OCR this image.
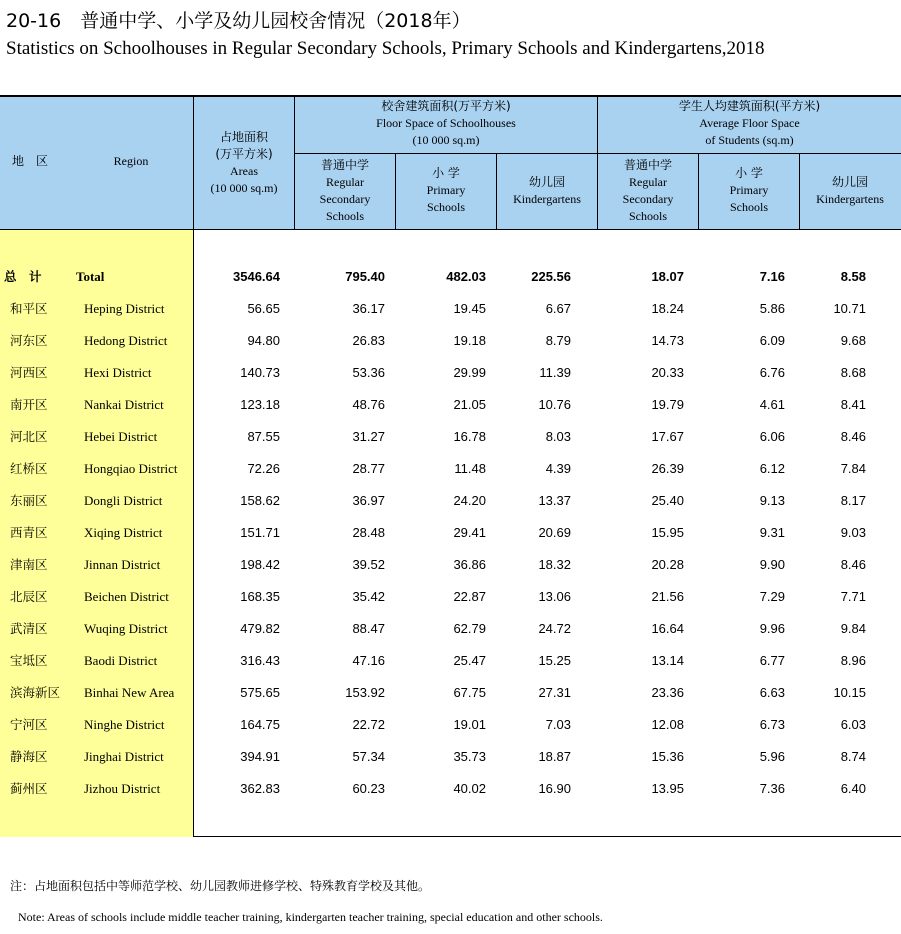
20-16　普通中学、小学及幼儿园校舍情况（2018年）
Statistics on Schoolhouses in Regular Secondary Schools, Primary Schools and Kindergartens,2018
地　区	Region
占地面积
(万平方米)
Areas
(10 000 sq.m)
校舍建筑面积(万平方米)
Floor Space of Schoolhouses
(10 000 sq.m)
学生人均建筑面积(平方米)
Average Floor Space
of Students (sq.m)
普通中学
Regular
Secondary
Schools
小 学
Primary
Schools
幼儿园
Kindergartens
普通中学
Regular
Secondary
Schools
小 学
Primary
Schools
幼儿园
Kindergartens
总　计	Total	3546.64	795.40	482.03	225.56	18.07	7.16	8.58
和平区	Heping District	56.65	36.17	19.45	6.67	18.24	5.86	10.71
河东区	Hedong District	94.80	26.83	19.18	8.79	14.73	6.09	9.68
河西区	Hexi District	140.73	53.36	29.99	11.39	20.33	6.76	8.68
南开区	Nankai District	123.18	48.76	21.05	10.76	19.79	4.61	8.41
河北区	Hebei District	87.55	31.27	16.78	8.03	17.67	6.06	8.46
红桥区	Hongqiao District	72.26	28.77	11.48	4.39	26.39	6.12	7.84
东丽区	Dongli District	158.62	36.97	24.20	13.37	25.40	9.13	8.17
西青区	Xiqing District	151.71	28.48	29.41	20.69	15.95	9.31	9.03
津南区	Jinnan District	198.42	39.52	36.86	18.32	20.28	9.90	8.46
北辰区	Beichen District	168.35	35.42	22.87	13.06	21.56	7.29	7.71
武清区	Wuqing District	479.82	88.47	62.79	24.72	16.64	9.96	9.84
宝坻区	Baodi District	316.43	47.16	25.47	15.25	13.14	6.77	8.96
滨海新区 Binhai New Area	575.65	153.92	67.75	27.31	23.36	6.63	10.15
宁河区	Ninghe District	164.75	22.72	19.01	7.03	12.08	6.73	6.03
静海区	Jinghai District	394.91	57.34	35.73	18.87	15.36	5.96	8.74
蓟州区	Jizhou District	362.83	60.23	40.02	16.90	13.95	7.36	6.40
注：占地面积包括中等师范学校、幼儿园教师进修学校、特殊教育学校及其他。
Note: Areas of schools include middle teacher training, kindergarten teacher training, special education and other schools.
